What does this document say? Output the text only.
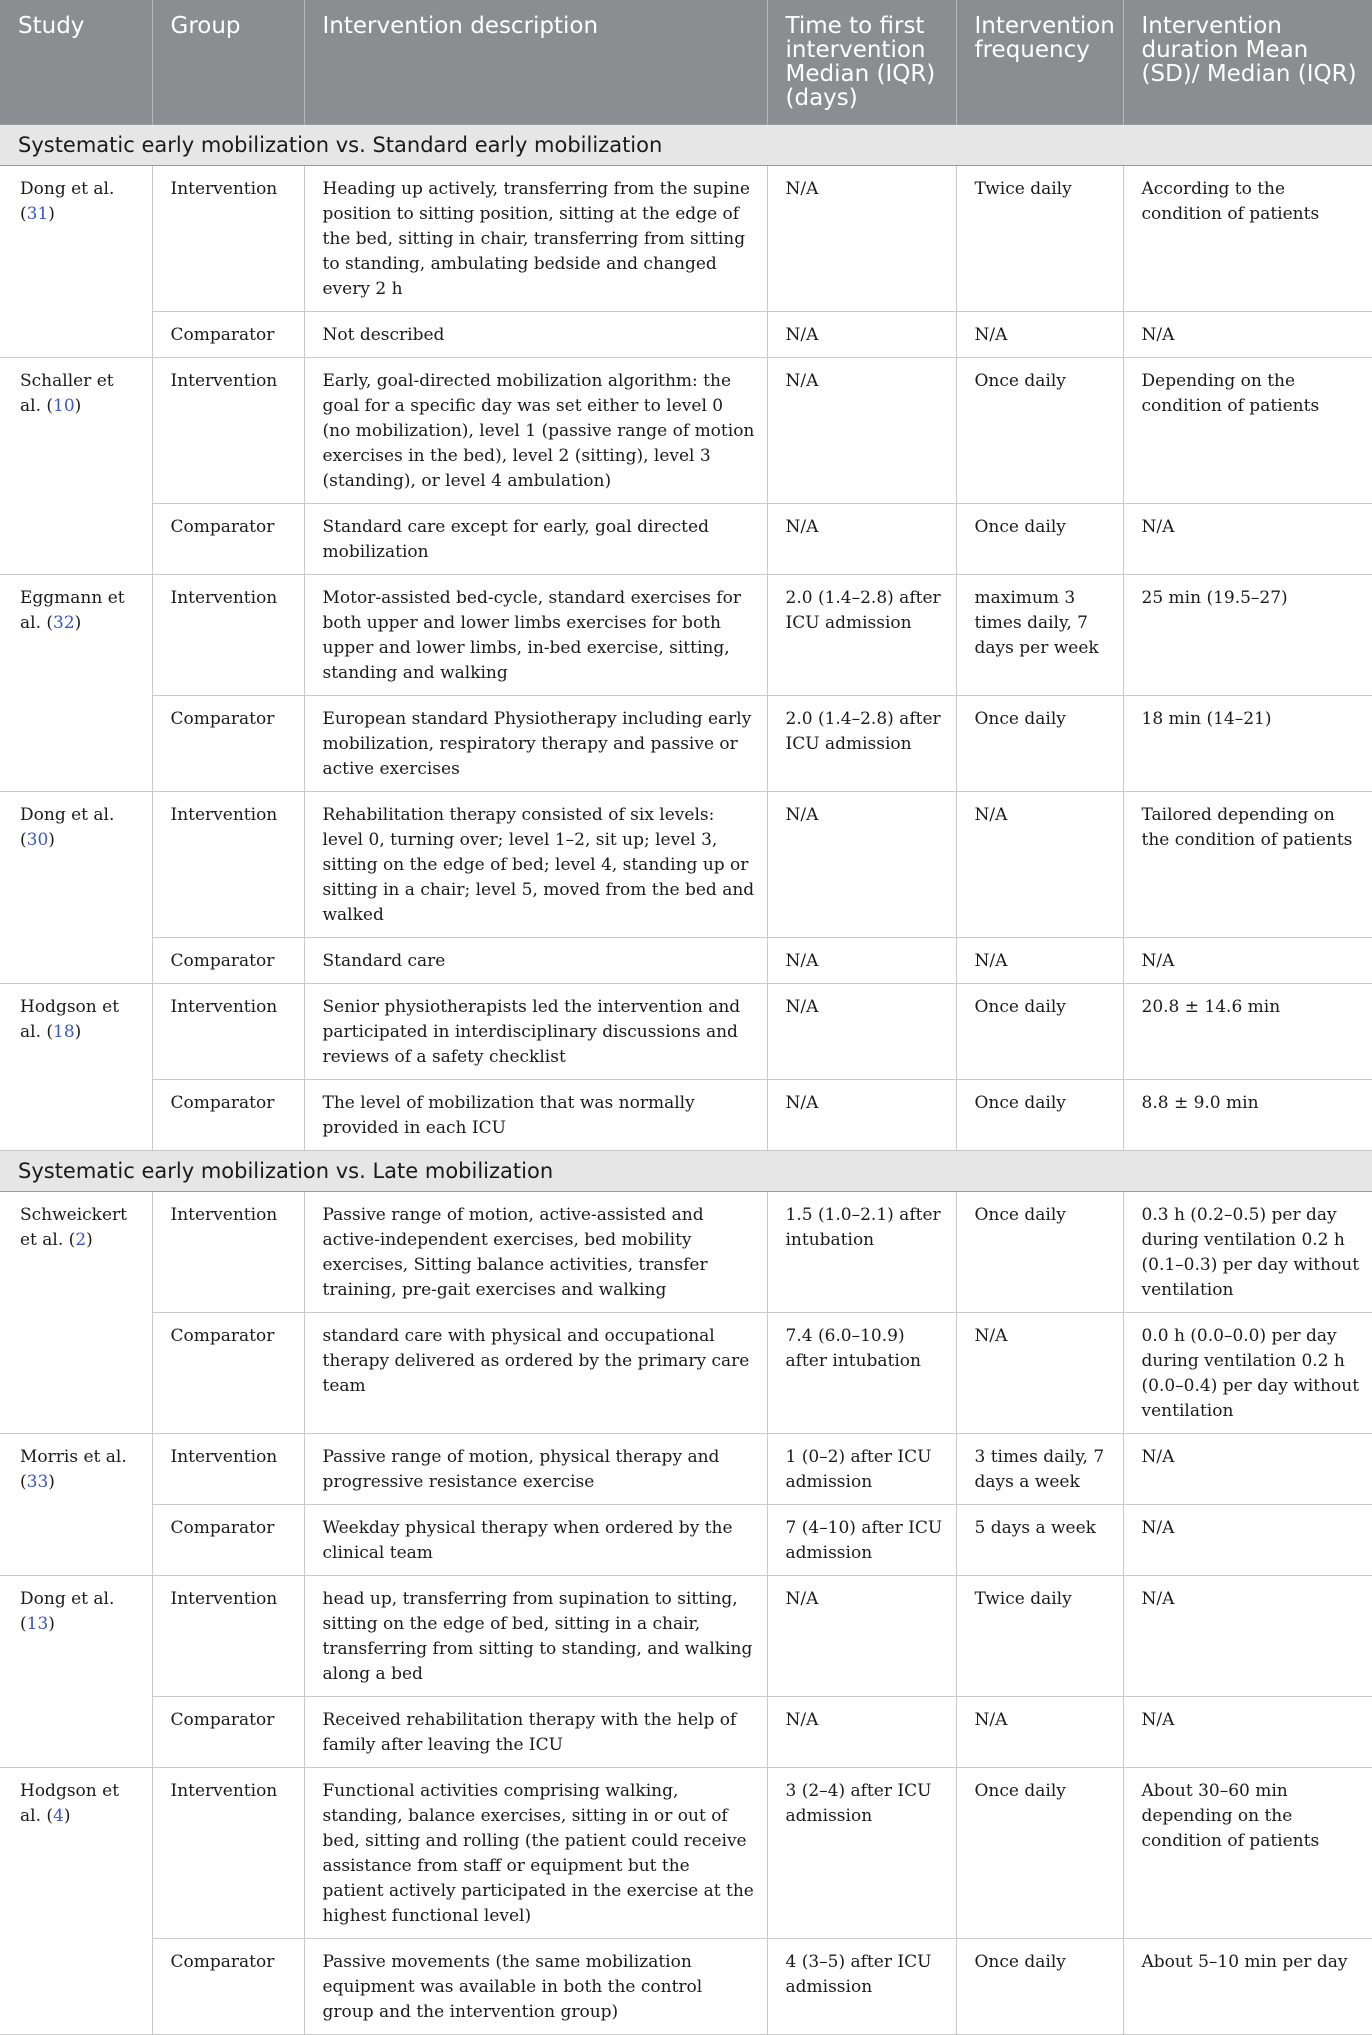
Study	Group	Intervention description	Time to first intervention Median (IQR) (days)	Intervention frequency	Intervention duration Mean (SD)/ Median (IQR)
Systematic early mobilization vs. Standard early mobilization					
Dong et al. (31)	Intervention	Heading up actively, transferring from the supine position to sitting position, sitting at the edge of the bed, sitting in chair, transferring from sitting to standing, ambulating bedside and changed every 2 h	N/A	Twice daily	According to the condition of patients
	Comparator	Not described	N/A	N/A	N/A
Schaller et al. (10)	Intervention	Early, goal-directed mobilization algorithm: the goal for a specific day was set either to level 0 (no mobilization), level 1 (passive range of motion exercises in the bed), level 2 (sitting), level 3 (standing), or level 4 ambulation)	N/A	Once daily	Depending on the condition of patients
	Comparator	Standard care except for early, goal directed mobilization	N/A	Once daily	N/A
Eggmann et al. (32)	Intervention	Motor-assisted bed-cycle, standard exercises for both upper and lower limbs exercises for both upper and lower limbs, in-bed exercise, sitting, standing and walking	2.0 (1.4–2.8) after ICU admission	maximum 3 times daily, 7 days per week	25 min (19.5–27)
	Comparator	European standard Physiotherapy including early mobilization, respiratory therapy and passive or active exercises	2.0 (1.4–2.8) after ICU admission	Once daily	18 min (14–21)
Dong et al. (30)	Intervention	Rehabilitation therapy consisted of six levels: level 0, turning over; level 1–2, sit up; level 3, sitting on the edge of bed; level 4, standing up or sitting in a chair; level 5, moved from the bed and walked	N/A	N/A	Tailored depending on the condition of patients
	Comparator	Standard care	N/A	N/A	N/A
Hodgson et al. (18)	Intervention	Senior physiotherapists led the intervention and participated in interdisciplinary discussions and reviews of a safety checklist	N/A	Once daily	20.8 ± 14.6 min
	Comparator	The level of mobilization that was normally provided in each ICU	N/A	Once daily	8.8 ± 9.0 min
Systematic early mobilization vs. Late mobilization					
Schweickert et al. (2)	Intervention	Passive range of motion, active-assisted and active-independent exercises, bed mobility exercises, Sitting balance activities, transfer training, pre-gait exercises and walking	1.5 (1.0–2.1) after intubation	Once daily	0.3 h (0.2–0.5) per day during ventilation 0.2 h (0.1–0.3) per day without ventilation
	Comparator	standard care with physical and occupational therapy delivered as ordered by the primary care team	7.4 (6.0–10.9) after intubation	N/A	0.0 h (0.0–0.0) per day during ventilation 0.2 h (0.0–0.4) per day without ventilation
Morris et al. (33)	Intervention	Passive range of motion, physical therapy and progressive resistance exercise	1 (0–2) after ICU admission	3 times daily, 7 days a week	N/A
	Comparator	Weekday physical therapy when ordered by the clinical team	7 (4–10) after ICU admission	5 days a week	N/A
Dong et al. (13)	Intervention	head up, transferring from supination to sitting, sitting on the edge of bed, sitting in a chair, transferring from sitting to standing, and walking along a bed	N/A	Twice daily	N/A
	Comparator	Received rehabilitation therapy with the help of family after leaving the ICU	N/A	N/A	N/A
Hodgson et al. (4)	Intervention	Functional activities comprising walking, standing, balance exercises, sitting in or out of bed, sitting and rolling (the patient could receive assistance from staff or equipment but the patient actively participated in the exercise at the highest functional level)	3 (2–4) after ICU admission	Once daily	About 30–60 min depending on the condition of patients
	Comparator	Passive movements (the same mobilization equipment was available in both the control group and the intervention group)	4 (3–5) after ICU admission	Once daily	About 5–10 min per day
